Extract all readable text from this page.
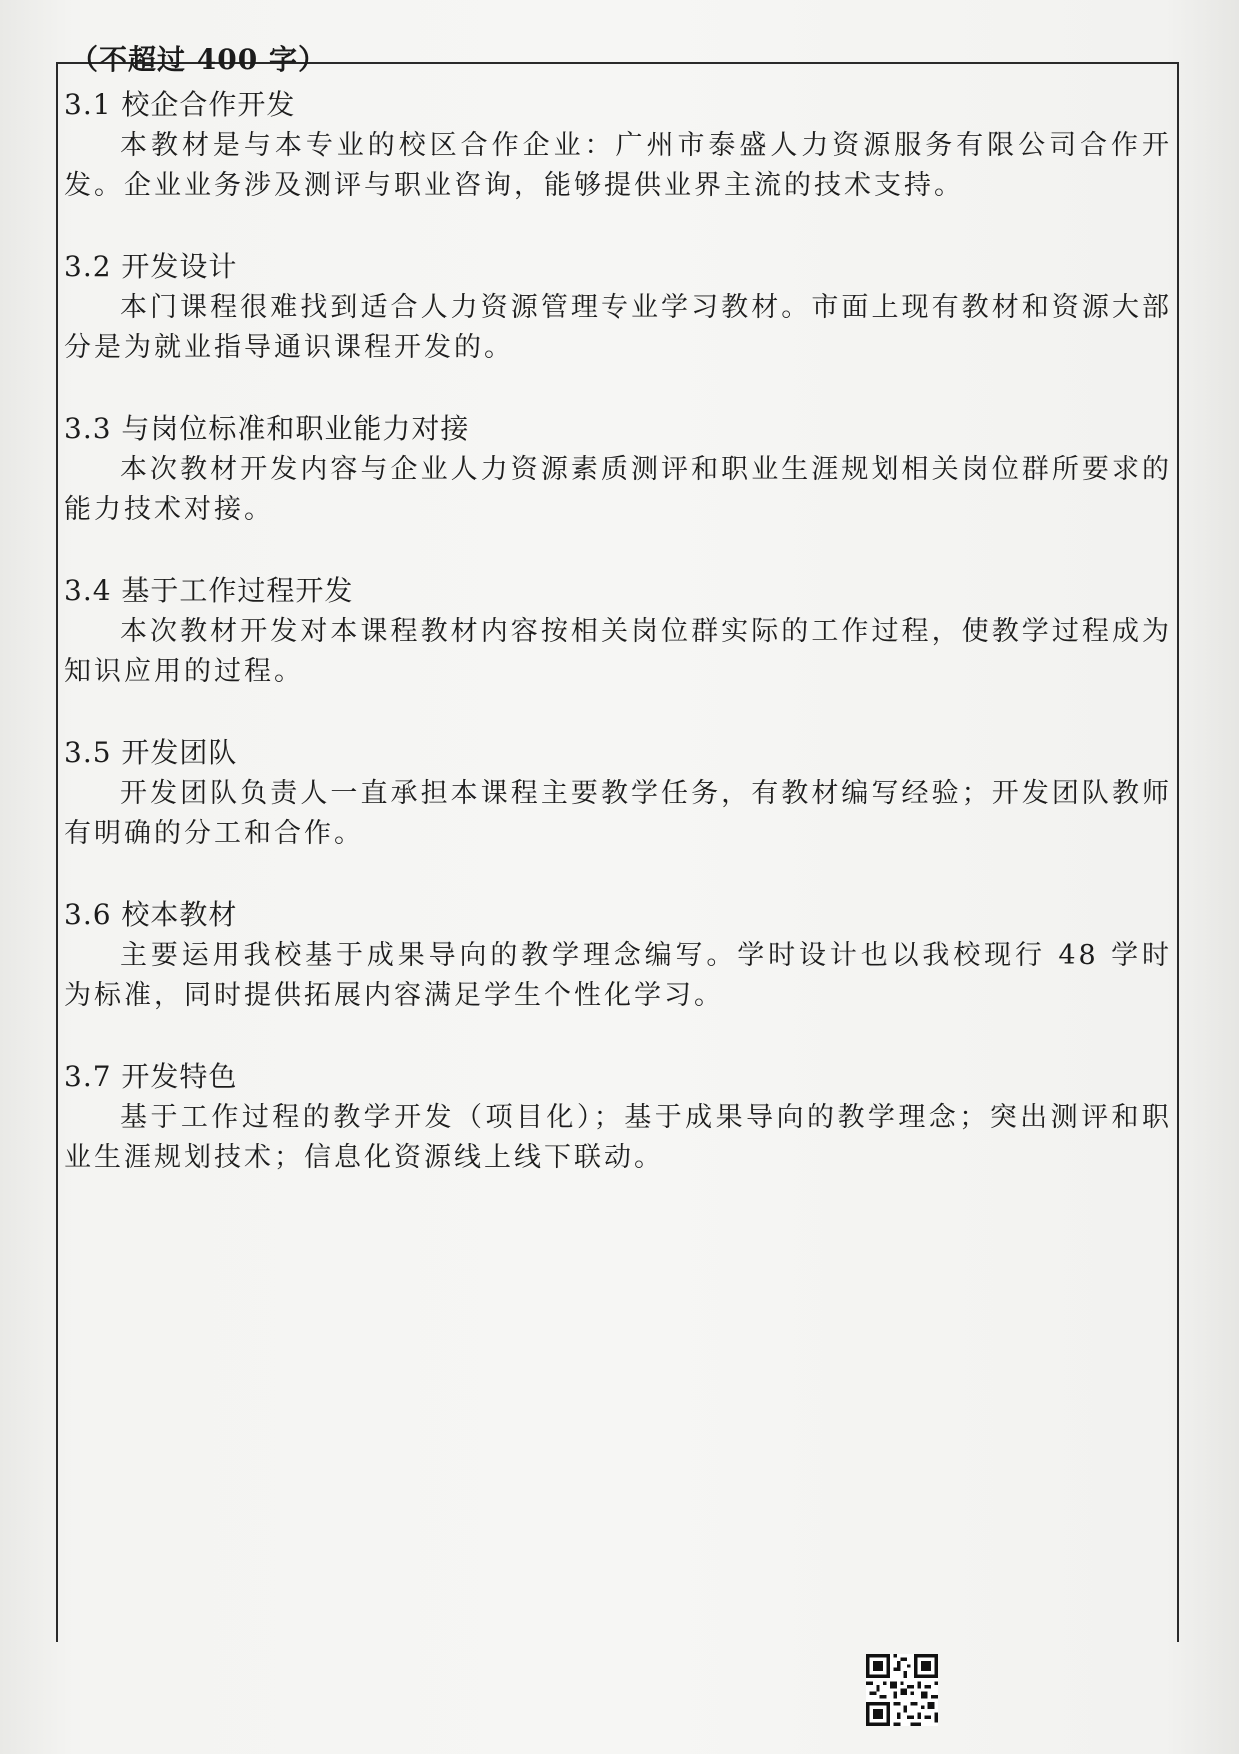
（不超过 400 字）
3.1 校企合作开发
本教材是与本专业的校区合作企业：广州市泰盛人力资源服务有限公司合作开发。企业业务涉及测评与职业咨询，能够提供业界主流的技术支持。
3.2 开发设计
本门课程很难找到适合人力资源管理专业学习教材。市面上现有教材和资源大部分是为就业指导通识课程开发的。
3.3 与岗位标准和职业能力对接
本次教材开发内容与企业人力资源素质测评和职业生涯规划相关岗位群所要求的能力技术对接。
3.4 基于工作过程开发
本次教材开发对本课程教材内容按相关岗位群实际的工作过程，使教学过程成为知识应用的过程。
3.5 开发团队
开发团队负责人一直承担本课程主要教学任务，有教材编写经验；开发团队教师有明确的分工和合作。
3.6 校本教材
主要运用我校基于成果导向的教学理念编写。学时设计也以我校现行 48 学时为标准，同时提供拓展内容满足学生个性化学习。
3.7 开发特色
基于工作过程的教学开发（项目化）；基于成果导向的教学理念；突出测评和职业生涯规划技术；信息化资源线上线下联动。
